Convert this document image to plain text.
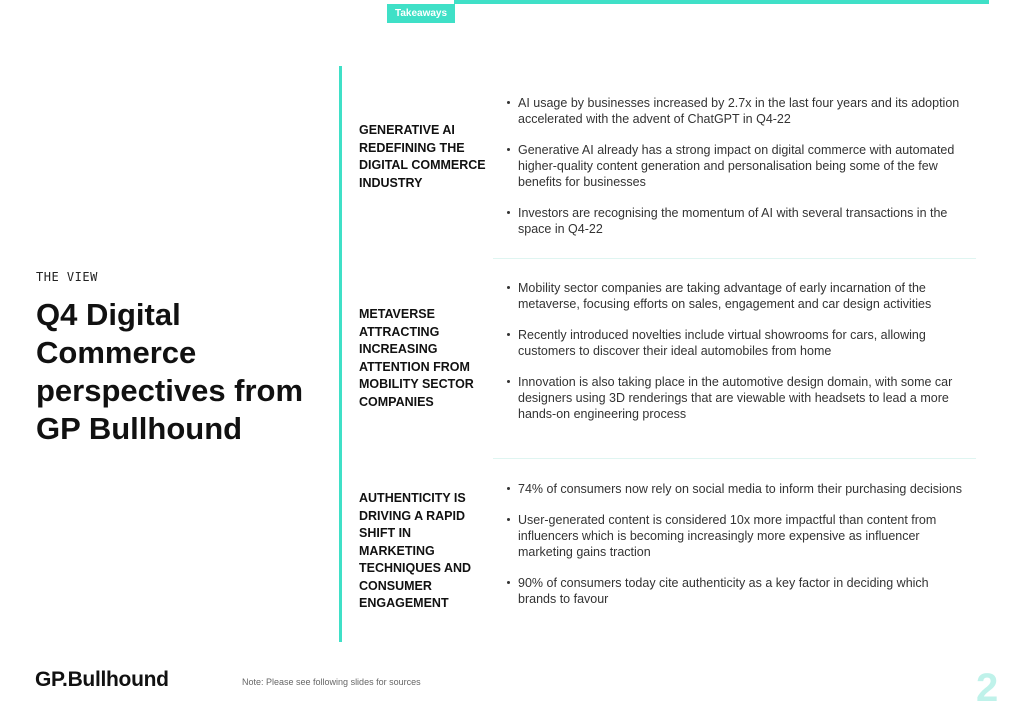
Takeaways
THE VIEW
Q4 Digital Commerce perspectives from GP Bullhound
GENERATIVE AI REDEFINING THE DIGITAL COMMERCE INDUSTRY
AI usage by businesses increased by 2.7x in the last four years and its adoption accelerated with the advent of ChatGPT in Q4-22
Generative AI already has a strong impact on digital commerce with automated higher-quality content generation and personalisation being some of the few benefits for businesses
Investors are recognising the momentum of AI with several transactions in the space in Q4-22
METAVERSE ATTRACTING INCREASING ATTENTION FROM MOBILITY SECTOR COMPANIES
Mobility sector companies are taking advantage of early incarnation of the metaverse, focusing efforts on sales, engagement and car design activities
Recently introduced novelties include virtual showrooms for cars, allowing customers to discover their ideal automobiles from home
Innovation is also taking place in the automotive design domain, with some car designers using 3D renderings that are viewable with headsets to lead a more hands-on engineering process
AUTHENTICITY IS DRIVING A RAPID SHIFT IN MARKETING TECHNIQUES AND CONSUMER ENGAGEMENT
74% of consumers now rely on social media to inform their purchasing decisions
User-generated content is considered 10x more impactful than content from influencers which is becoming increasingly more expensive as influencer marketing gains traction
90% of consumers today cite authenticity as a key factor in deciding which brands to favour
GP.Bullhound	Note: Please see following slides for sources	2
